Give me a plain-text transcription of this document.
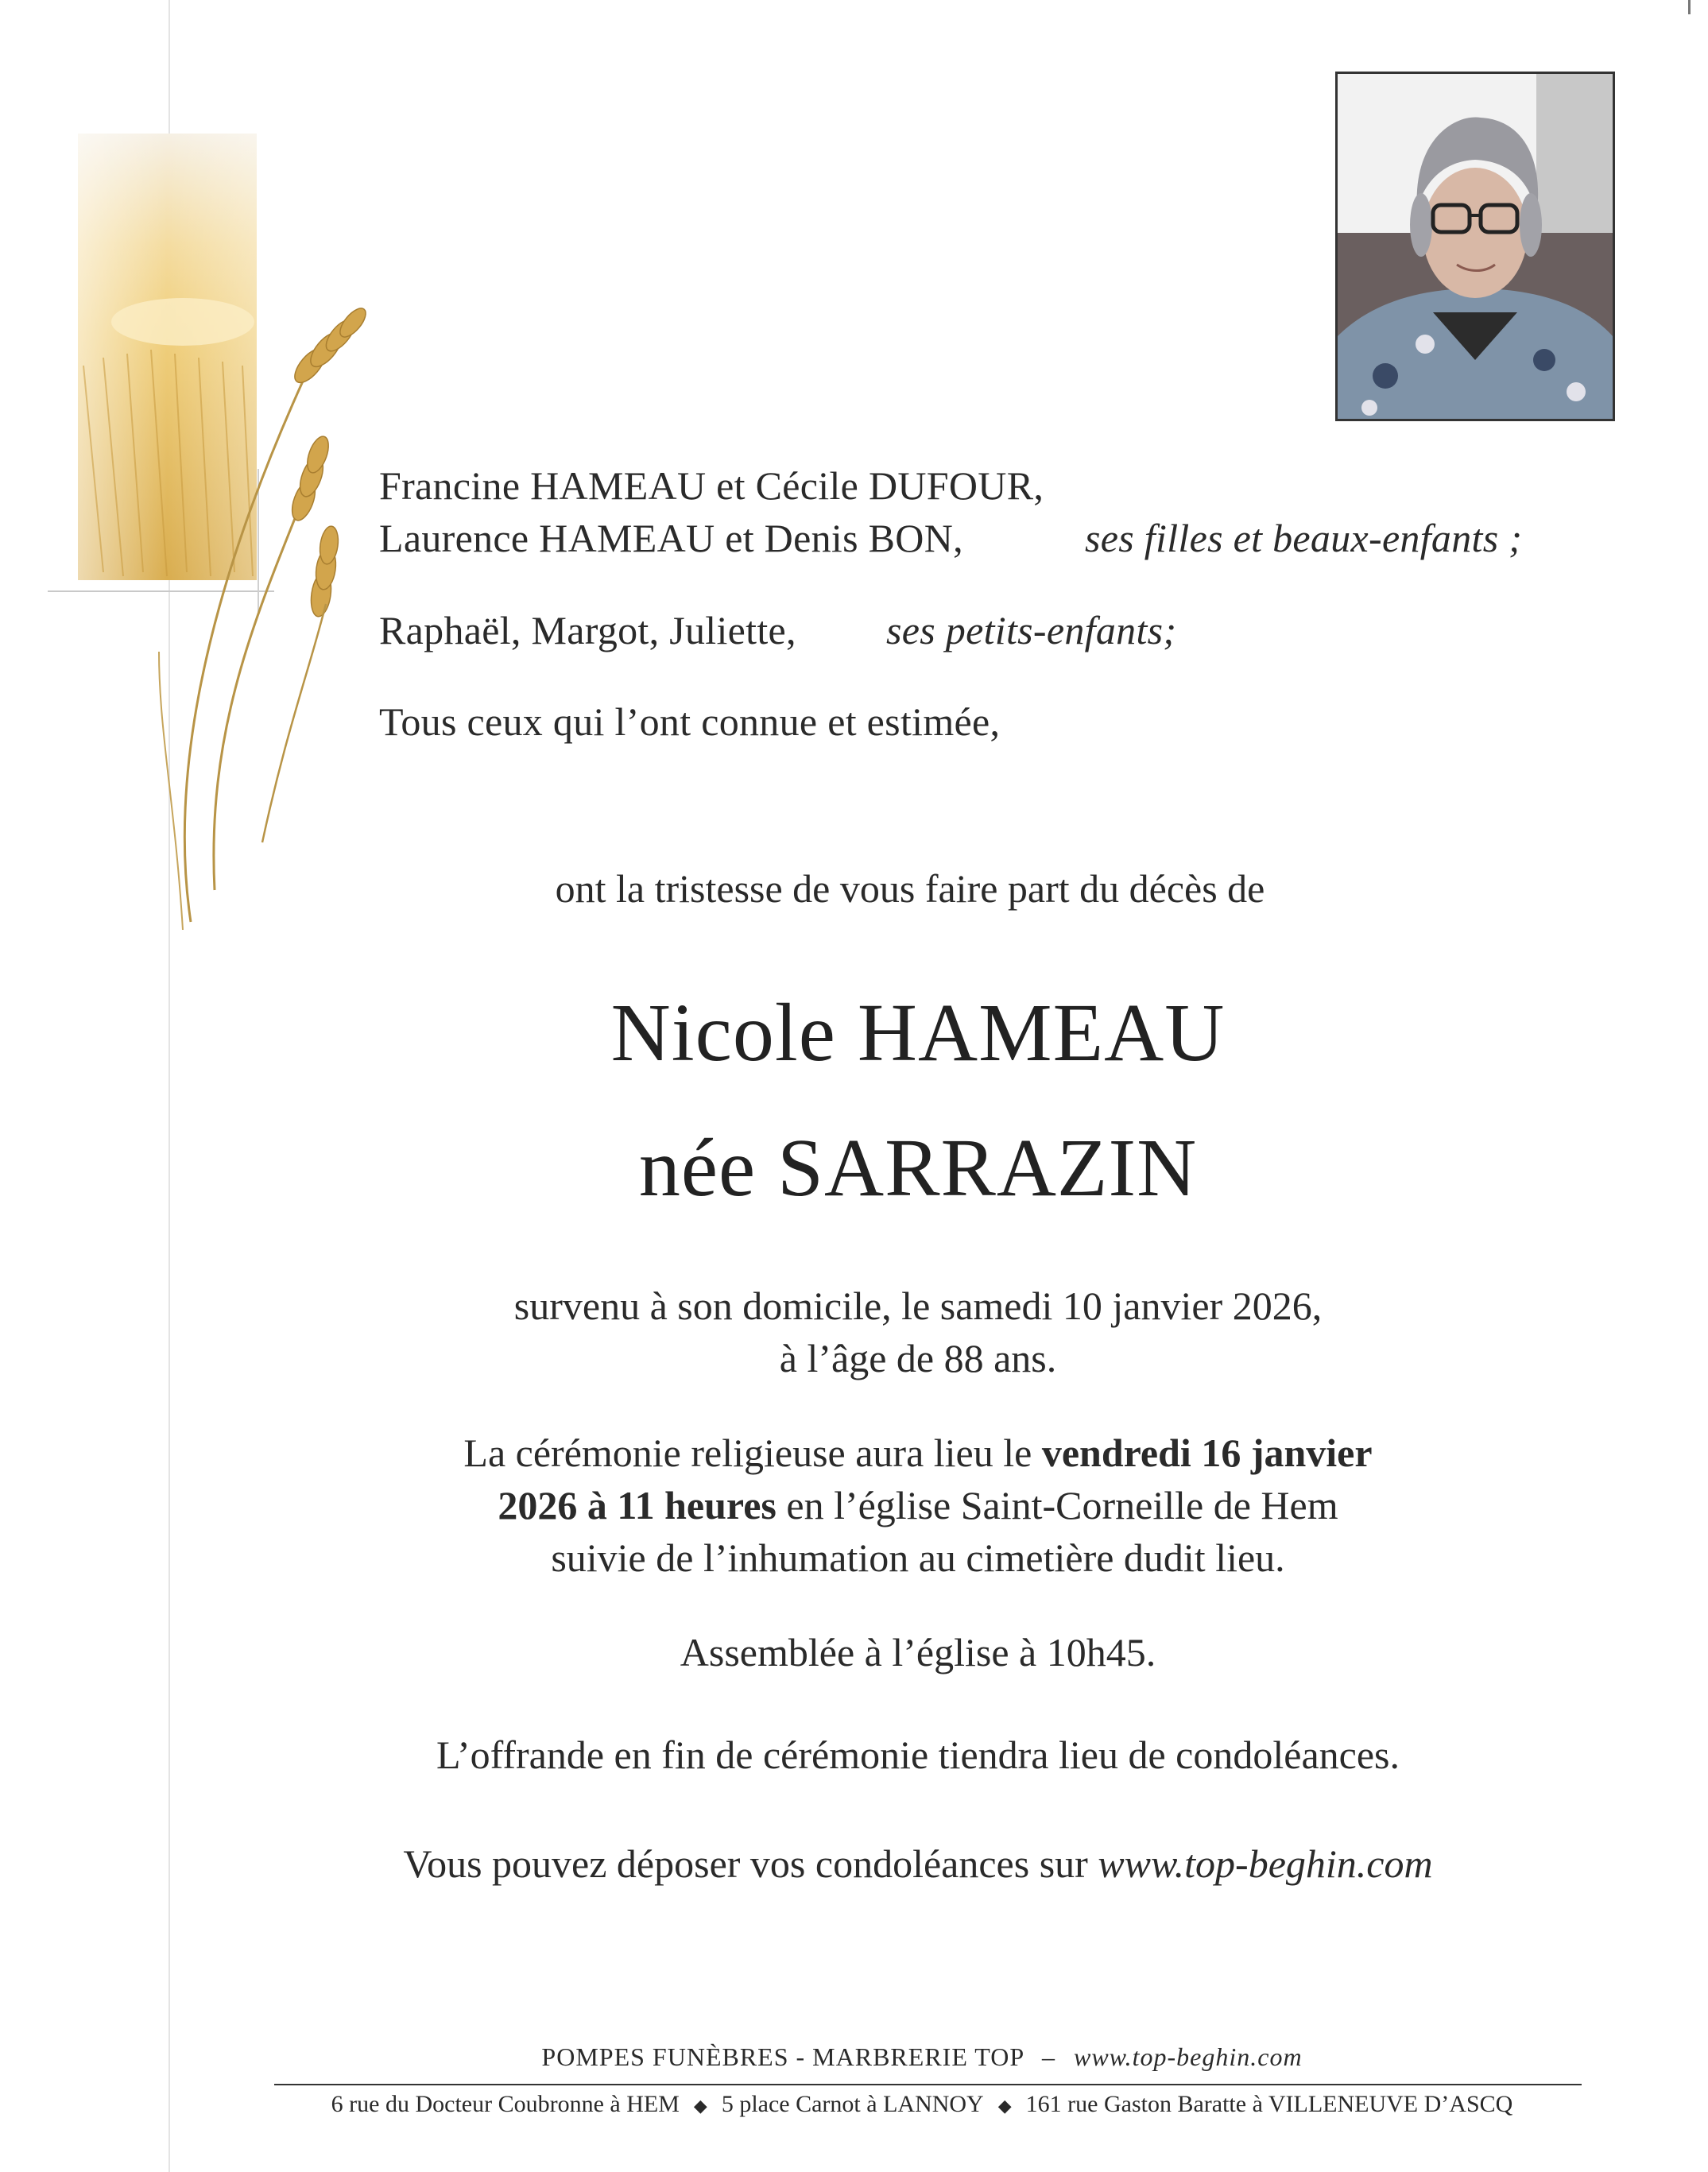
Francine HAMEAU et Cécile DUFOUR,
Laurence HAMEAU et Denis BON,	ses filles et beaux-enfants ;
Raphaël, Margot, Juliette, ses petits-enfants;
Tous ceux qui l’ont connue et estimée,
ont la tristesse de vous faire part du décès de
Nicole HAMEAU
née SARRAZIN
survenu à son domicile, le samedi 10 janvier 2026,
à l’âge de 88 ans.
La cérémonie religieuse aura lieu le vendredi 16 janvier
2026 à 11 heures en l’église Saint-Corneille de Hem
suivie de l’inhumation au cimetière dudit lieu.
Assemblée à l’église à 10h45.
L’offrande en fin de cérémonie tiendra lieu de condoléances.
Vous pouvez déposer vos condoléances sur www.top-beghin.com
POMPES FUNÈBRES - MARBRERIE TOP – www.top-beghin.com
6 rue du Docteur Coubronne à HEM ◆ 5 place Carnot à LANNOY ◆ 161 rue Gaston Baratte à VILLENEUVE D’ASCQ
